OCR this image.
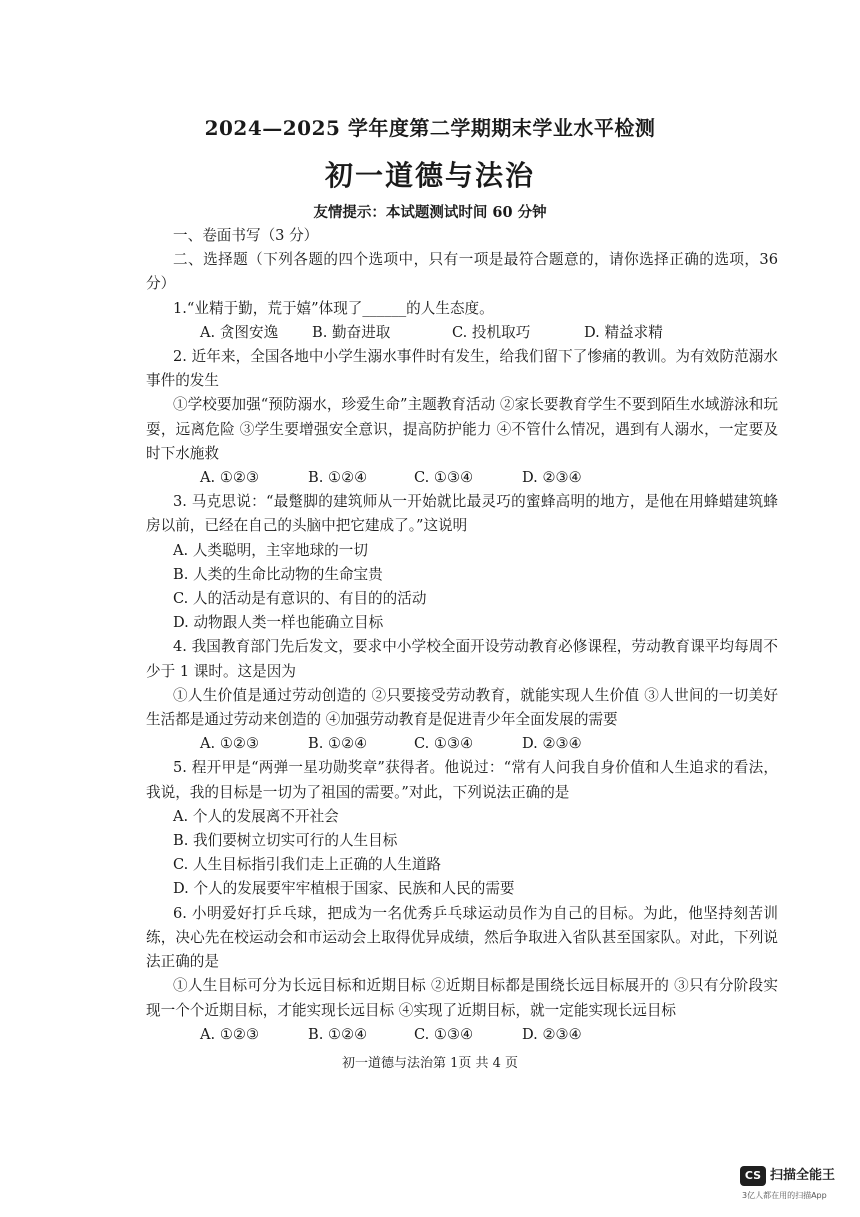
2024—2025 学年度第二学期期末学业水平检测
初一道德与法治
友情提示：本试题测试时间 60 分钟

一、卷面书写（3 分）

二、选择题（下列各题的四个选项中，只有一项是最符合题意的，请你选择正确的选项，36 分）

1.“业精于勤，荒于嬉”体现了______的人生态度。

A. 贪图安逸 B. 勤奋进取	C. 投机取巧	D. 精益求精

2. 近年来，全国各地中小学生溺水事件时有发生，给我们留下了惨痛的教训。为有效防范溺水事件的发生

①学校要加强“预防溺水，珍爱生命”主题教育活动 ②家长要教育学生不要到陌生水域游泳和玩耍，远离危险 ③学生要增强安全意识，提高防护能力 ④不管什么情况，遇到有人溺水，一定要及时下水施救

A. ①②③	B. ①②④	C. ①③④	D. ②③④

3. 马克思说：“最蹩脚的建筑师从一开始就比最灵巧的蜜蜂高明的地方，是他在用蜂蜡建筑蜂房以前，已经在自己的头脑中把它建成了。”这说明

A. 人类聪明，主宰地球的一切

B. 人类的生命比动物的生命宝贵

C. 人的活动是有意识的、有目的的活动

D. 动物跟人类一样也能确立目标

4. 我国教育部门先后发文，要求中小学校全面开设劳动教育必修课程，劳动教育课平均每周不少于 1 课时。这是因为

①人生价值是通过劳动创造的 ②只要接受劳动教育，就能实现人生价值 ③人世间的一切美好生活都是通过劳动来创造的 ④加强劳动教育是促进青少年全面发展的需要

A. ①②③	B. ①②④	C. ①③④	D. ②③④

5. 程开甲是“两弹一星功勋奖章”获得者。他说过：“常有人问我自身价值和人生追求的看法，我说，我的目标是一切为了祖国的需要。”对此，下列说法正确的是

A. 个人的发展离不开社会

B. 我们要树立切实可行的人生目标

C. 人生目标指引我们走上正确的人生道路

D. 个人的发展要牢牢植根于国家、民族和人民的需要

6. 小明爱好打乒乓球，把成为一名优秀乒乓球运动员作为自己的目标。为此，他坚持刻苦训练，决心先在校运动会和市运动会上取得优异成绩，然后争取进入省队甚至国家队。对此，下列说法正确的是

①人生目标可分为长远目标和近期目标 ②近期目标都是围绕长远目标展开的 ③只有分阶段实现一个个近期目标，才能实现长远目标 ④实现了近期目标，就一定能实现长远目标

A. ①②③	B. ①②④	C. ①③④	D. ②③④
初一道德与法治第 1页 共 4 页
CS 扫描全能王
3亿人都在用的扫描App
